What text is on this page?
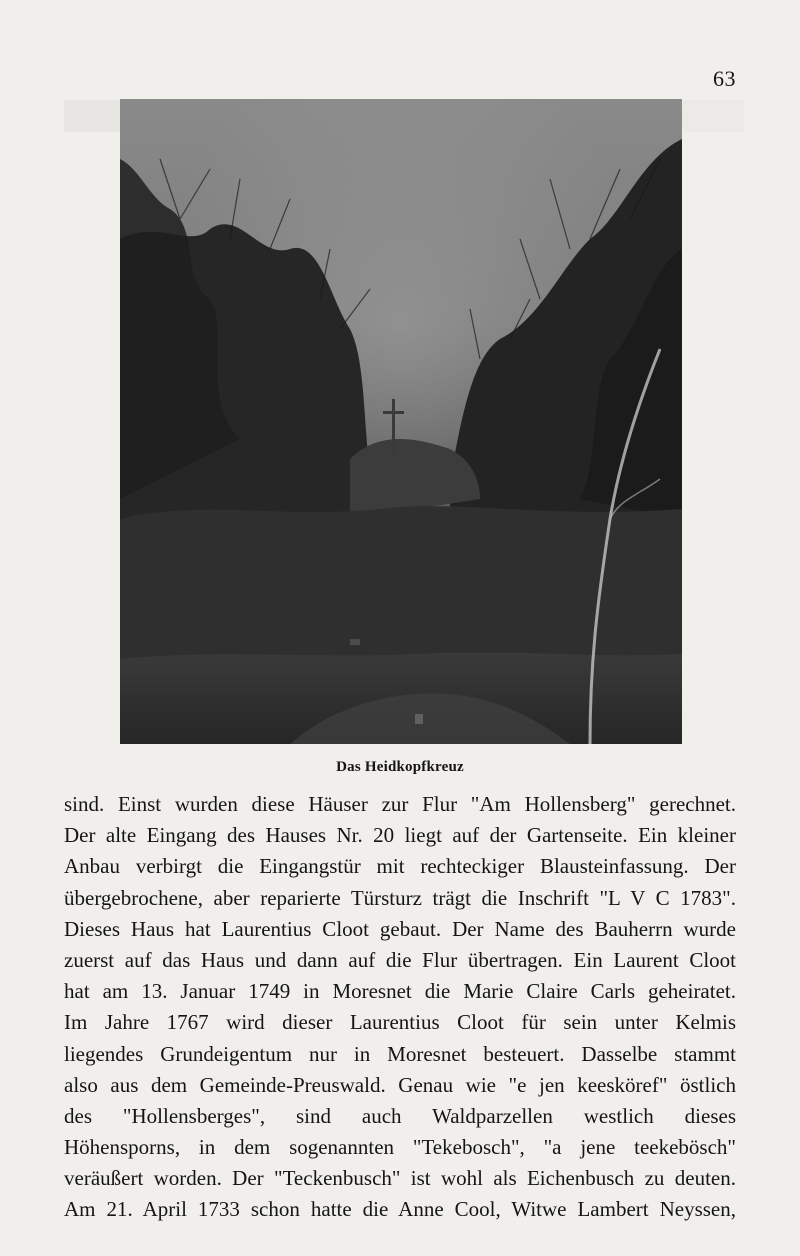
63
Das Heidkopfkreuz
sind. Einst wurden diese Häuser zur Flur "Am Hollensberg" gerechnet.
Der alte Eingang des Hauses Nr. 20 liegt auf der Gartenseite. Ein kleiner
Anbau verbirgt die Eingangstür mit rechteckiger Blausteinfassung. Der
übergebrochene, aber reparierte Türsturz trägt die Inschrift "L V C 1783".
Dieses Haus hat Laurentius Cloot gebaut. Der Name des Bauherrn wurde
zuerst auf das Haus und dann auf die Flur übertragen. Ein Laurent Cloot
hat am 13. Januar 1749 in Moresnet die Marie Claire Carls geheiratet.
Im Jahre 1767 wird dieser Laurentius Cloot für sein unter Kelmis
liegendes Grundeigentum nur in Moresnet besteuert. Dasselbe stammt
also aus dem Gemeinde-Preuswald. Genau wie "e jen keesköref" östlich
des "Hollensberges", sind auch Waldparzellen westlich dieses
Höhensporns, in dem sogenannten "Tekebosch", "a jene teekebösch"
veräußert worden. Der "Teckenbusch" ist wohl als Eichenbusch zu deuten.
Am 21. April 1733 schon hatte die Anne Cool, Witwe Lambert Neyssen,
